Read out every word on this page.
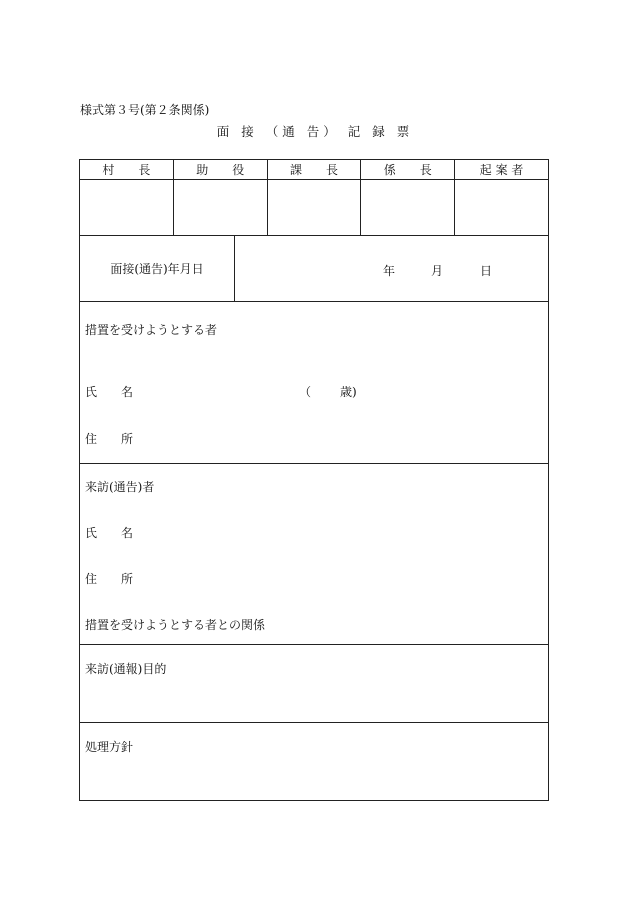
様式第３号(第２条関係)
面 接 （通 告） 記 録 票
村　　長	助　　役	課　　長	係　　長	起 案 者
面接(通告)年月日	年	月	日
措置を受けようとする者
氏　　名	（ 歳)
住　　所
来訪(通告)者
氏　　名
住　　所
措置を受けようとする者との関係
来訪(通報)目的
処理方針
